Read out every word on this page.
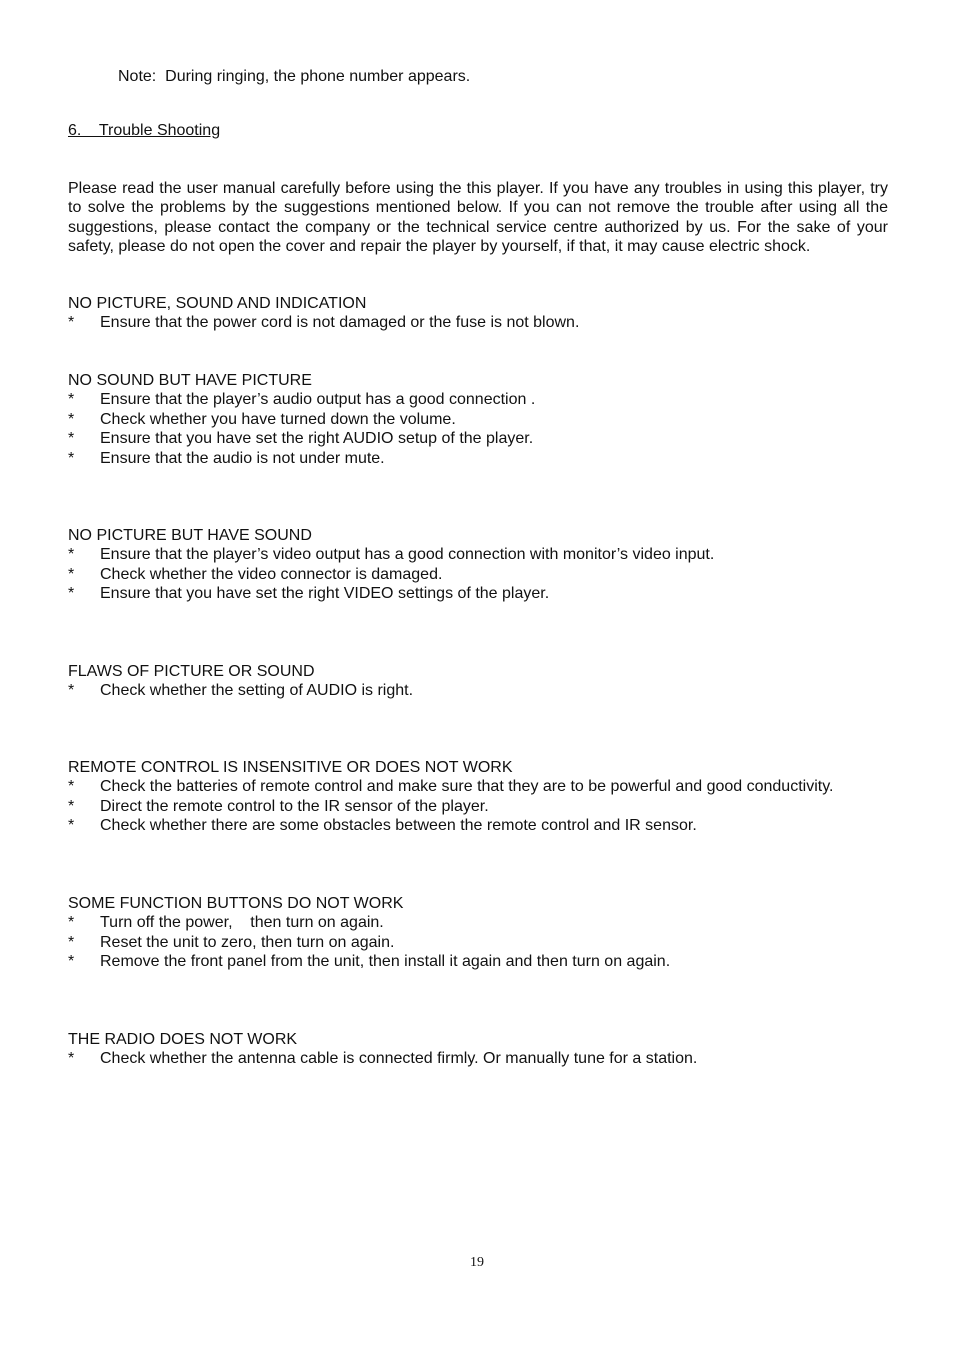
Note:  During ringing, the phone number appears.
6.    Trouble Shooting
Please read the user manual carefully before using the this player. If you have any troubles in using this player, try to solve the problems by the suggestions mentioned below. If you can not remove the trouble after using all the suggestions, please contact the company or the technical service centre authorized by us. For the sake of your safety, please do not open the cover and repair the player by yourself, if that, it may cause electric shock.
NO PICTURE, SOUND AND INDICATION
* Ensure that the power cord is not damaged or the fuse is not blown.
NO SOUND BUT HAVE PICTURE
* Ensure that the player’s audio output has a good connection .
* Check whether you have turned down the volume.
* Ensure that you have set the right AUDIO setup of the player.
* Ensure that the audio is not under mute.
NO PICTURE BUT HAVE SOUND
* Ensure that the player’s video output has a good connection with monitor’s video input.
* Check whether the video connector is damaged.
* Ensure that you have set the right VIDEO settings of the player.
FLAWS OF PICTURE OR SOUND
* Check whether the setting of AUDIO is right.
REMOTE CONTROL IS INSENSITIVE OR DOES NOT WORK
* Check the batteries of remote control and make sure that they are to be powerful and good conductivity.
* Direct the remote control to the IR sensor of the player.
* Check whether there are some obstacles between the remote control and IR sensor.
SOME FUNCTION BUTTONS DO NOT WORK
* Turn off the power,    then turn on again.
* Reset the unit to zero, then turn on again.
* Remove the front panel from the unit, then install it again and then turn on again.
THE RADIO DOES NOT WORK
* Check whether the antenna cable is connected firmly. Or manually tune for a station.
19
